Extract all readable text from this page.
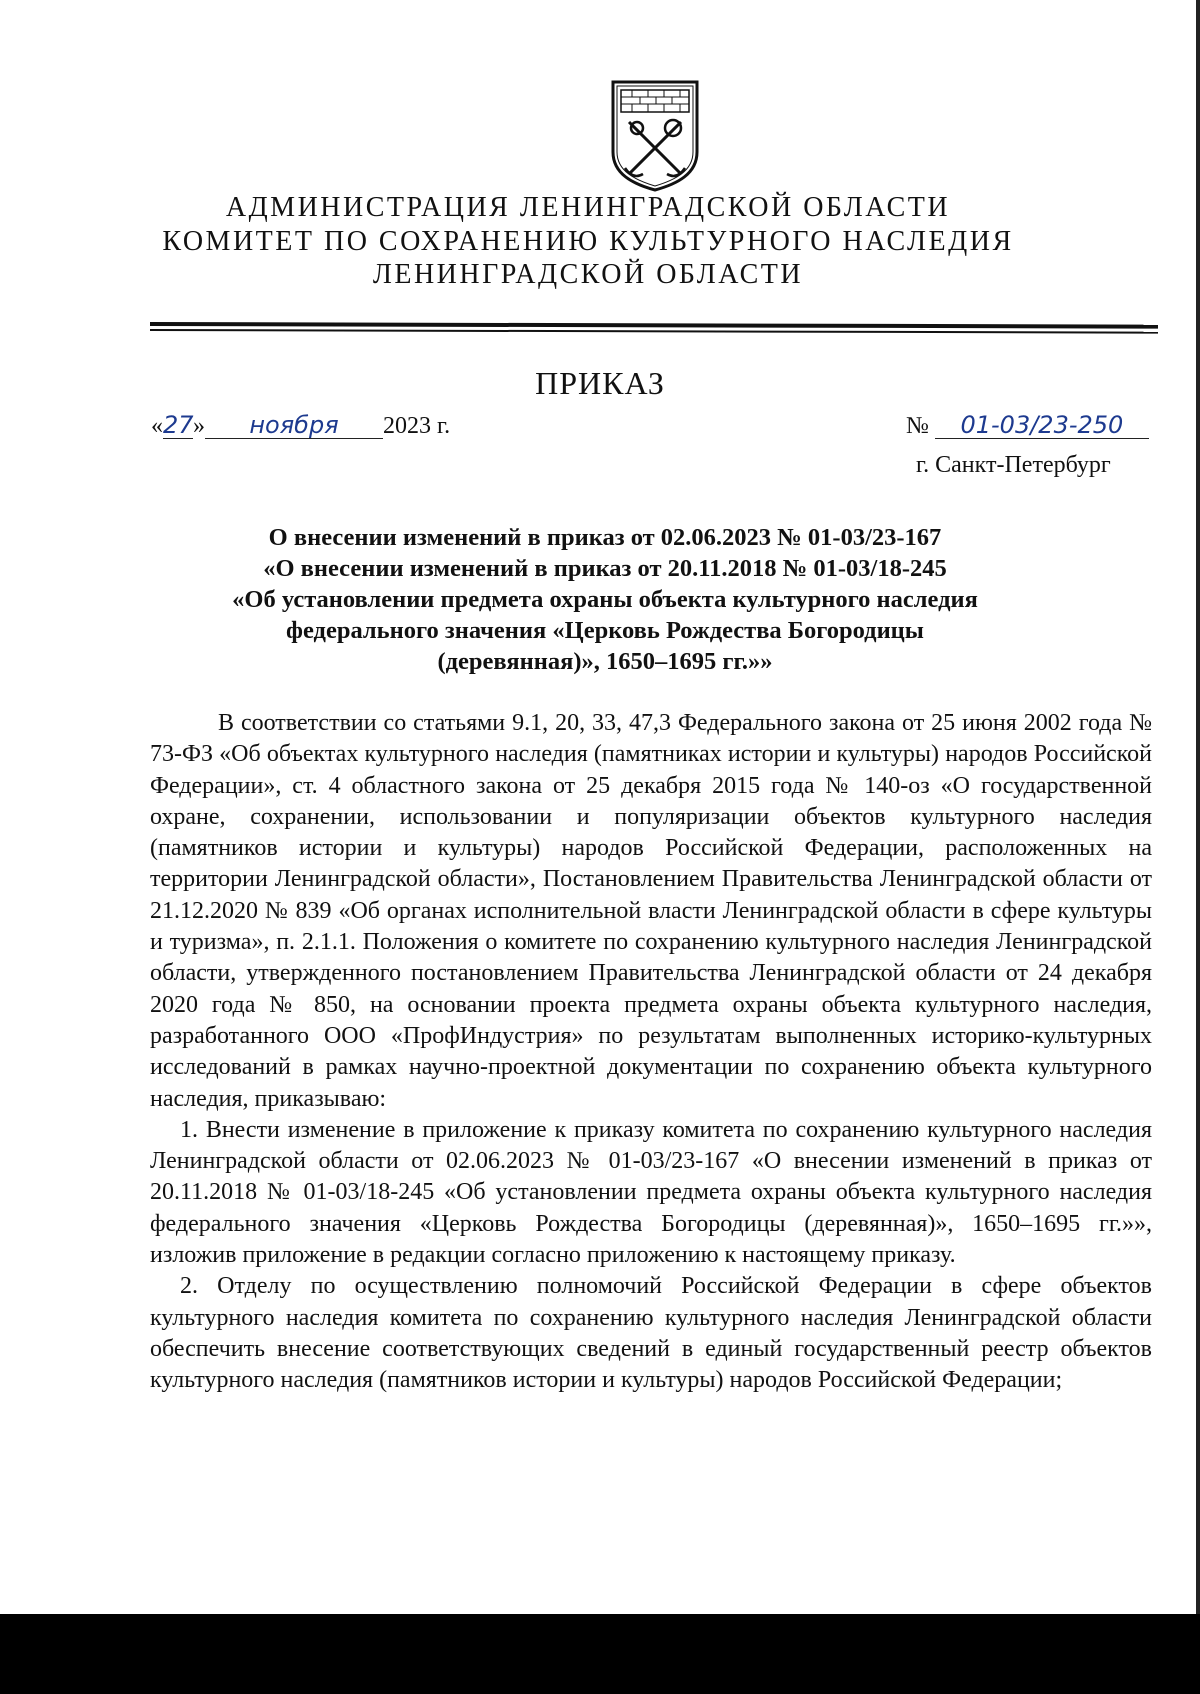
АДМИНИСТРАЦИЯ ЛЕНИНГРАДСКОЙ ОБЛАСТИ
КОМИТЕТ ПО СОХРАНЕНИЮ КУЛЬТУРНОГО НАСЛЕДИЯ
ЛЕНИНГРАДСКОЙ ОБЛАСТИ
ПРИКАЗ
«27» ноября 2023 г.	№ 01-03/23-250
г. Санкт-Петербург
О внесении изменений в приказ от 02.06.2023 № 01-03/23-167
«О внесении изменений в приказ от 20.11.2018 № 01-03/18-245
«Об установлении предмета охраны объекта культурного наследия
федерального значения «Церковь Рождества Богородицы
(деревянная)», 1650–1695 гг.»»

В соответствии со статьями 9.1, 20, 33, 47,3 Федерального закона от 25 июня 2002 года № 73-ФЗ «Об объектах культурного наследия (памятниках истории и культуры) народов Российской Федерации», ст. 4 областного закона от 25 декабря 2015 года № 140-оз «О государственной охране, сохранении, использовании и популяризации объектов культурного наследия (памятников истории и культуры) народов Российской Федерации, расположенных на территории Ленинградской области», Постановлением Правительства Ленинградской области от 21.12.2020 № 839 «Об органах исполнительной власти Ленинградской области в сфере культуры и туризма», п. 2.1.1. Положения о комитете по сохранению культурного наследия Ленинградской области, утвержденного постановлением Правительства Ленинградской области от 24 декабря 2020 года № 850, на основании проекта предмета охраны объекта культурного наследия, разработанного ООО «ПрофИндустрия» по результатам выполненных историко-культурных исследований в рамках научно-проектной документации по сохранению объекта культурного наследия, приказываю:

1. Внести изменение в приложение к приказу комитета по сохранению культурного наследия Ленинградской области от 02.06.2023 № 01-03/23-167 «О внесении изменений в приказ от 20.11.2018 № 01-03/18-245 «Об установлении предмета охраны объекта культурного наследия федерального значения «Церковь Рождества Богородицы (деревянная)», 1650–1695 гг.»», изложив приложение в редакции согласно приложению к настоящему приказу.

2. Отделу по осуществлению полномочий Российской Федерации в сфере объектов культурного наследия комитета по сохранению культурного наследия Ленинградской области обеспечить внесение соответствующих сведений в единый государственный реестр объектов культурного наследия (памятников истории и культуры) народов Российской Федерации;
